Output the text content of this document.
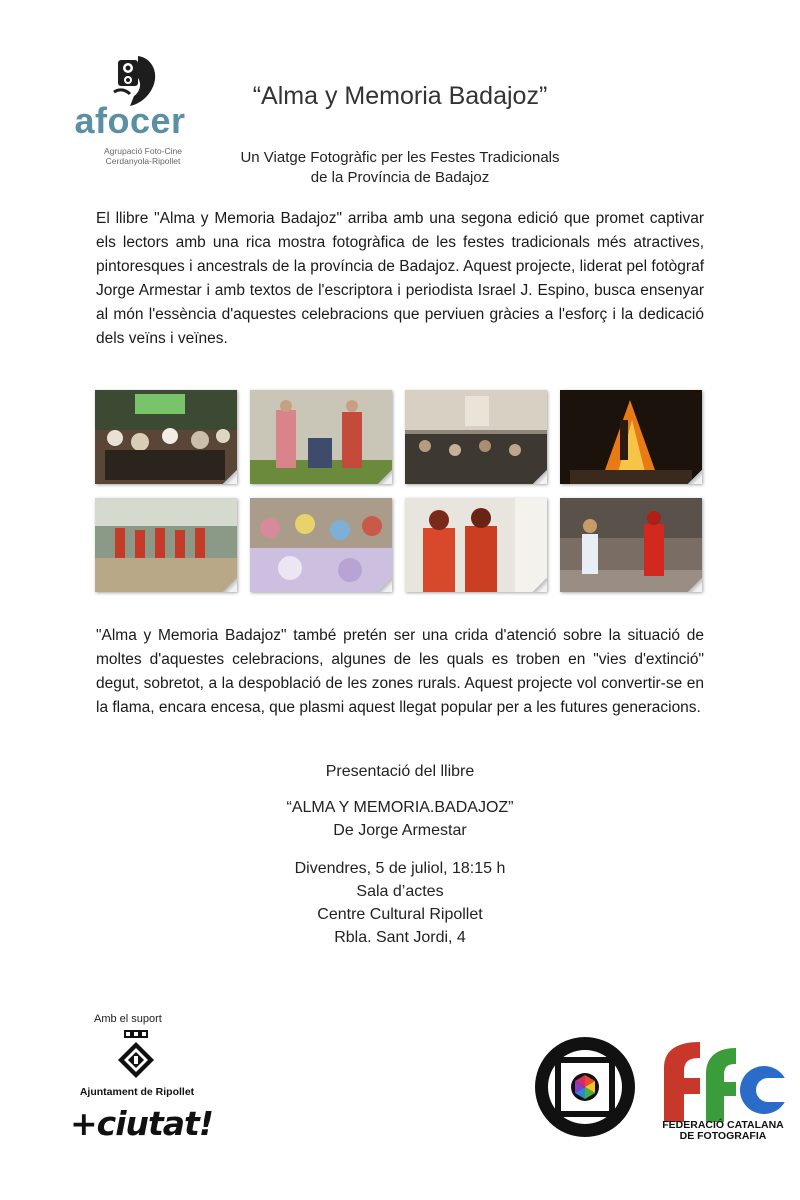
afocer
Agrupació Foto-Cine
Cerdanyola-Ripollet
“Alma y Memoria Badajoz”
Un Viatge Fotogràfic per les Festes Tradicionals
de la Província de Badajoz
El llibre "Alma y Memoria Badajoz" arriba amb una segona edició que promet captivar els lectors amb una rica mostra fotogràfica de les festes tradicionals més atractives, pintoresques i ancestrals de la província de Badajoz. Aquest projecte, liderat pel fotògraf Jorge Armestar i amb textos de l'escriptora i periodista Israel J. Espino, busca ensenyar al món l'essència d'aquestes celebracions que perviuen gràcies a l'esforç i la dedicació dels veïns i veïnes.
"Alma y Memoria Badajoz" també pretén ser una crida d'atenció sobre la situació de moltes d'aquestes celebracions, algunes de les quals es troben en "vies d'extinció" degut, sobretot, a la despoblació de les zones rurals. Aquest projecte vol convertir-se en la flama, encara encesa, que plasmi aquest llegat popular per a les futures generacions.
Presentació del llibre
“ALMA Y MEMORIA.BADAJOZ”
De Jorge Armestar
Divendres, 5 de juliol, 18:15 h
Sala d’actes
Centre Cultural Ripollet
Rbla. Sant Jordi, 4
Amb el suport
Ajuntament de Ripollet
+ciutat!	FEDERACIÓ CATALANA
DE FOTOGRAFIA
